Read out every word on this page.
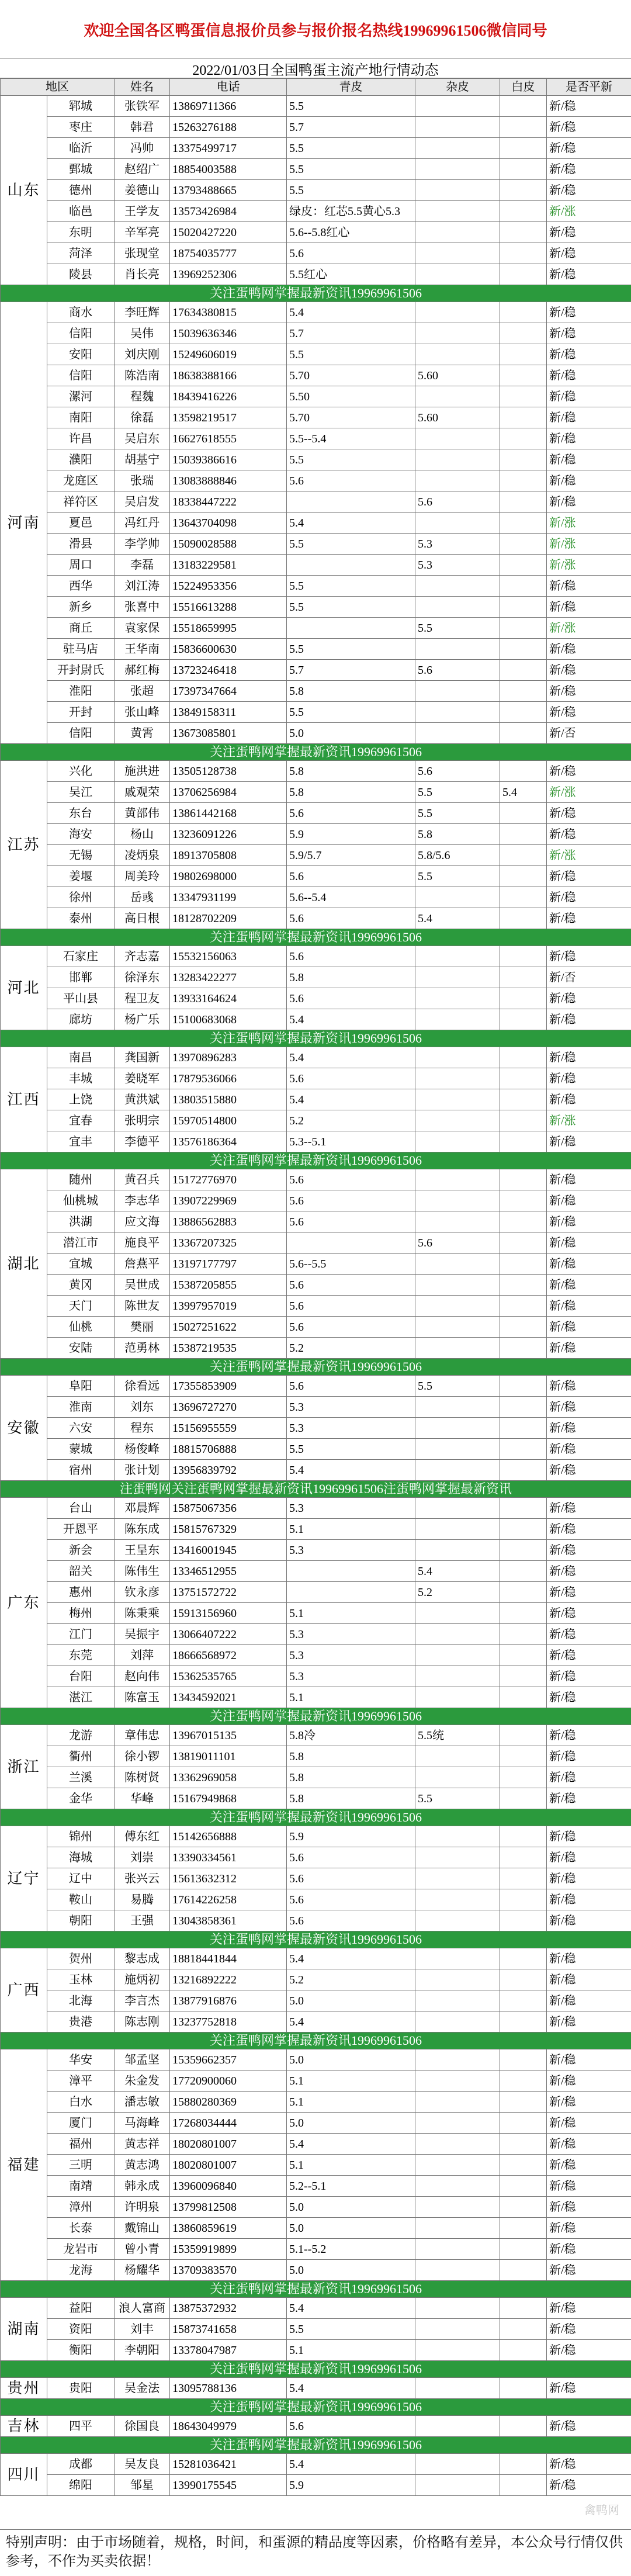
欢迎全国各区鸭蛋信息报价员参与报价报名热线19969961506微信同号
2022/01/03日全国鸭蛋主流产地行情动态
地区		姓名	电话	青皮	杂皮	白皮	是否平新
山东	郓城	张铁军	13869711366	5.5			新/稳
	枣庄	韩君	15263276188	5.7			新/稳
	临沂	冯帅	13375499717	5.5			新/稳
	鄄城	赵绍广	18854003588	5.5			新/稳
	德州	姜德山	13793488665	5.5			新/稳
	临邑	王学友	13573426984	绿皮：红芯5.5黄心5.3			新/涨
	东明	辛军亮	15020427220	5.6--5.8红心			新/稳
	菏泽	张现堂	18754035777	5.6			新/稳
	陵县	肖长亮	13969252306	5.5红心			新/稳
关注蛋鸭网掌握最新资讯19969961506							
河南	商水	李旺辉	17634380815	5.4			新/稳
	信阳	吴伟	15039636346	5.7			新/稳
	安阳	刘庆刚	15249606019	5.5			新/稳
	信阳	陈浩南	18638388166	5.70	5.60		新/稳
	漯河	程魏	18439416226	5.50			新/稳
	南阳	徐磊	13598219517	5.70	5.60		新/稳
	许昌	吴启东	16627618555	5.5--5.4			新/稳
	濮阳	胡基宁	15039386616	5.5			新/稳
	龙庭区	张瑞	13083888846	5.6			新/稳
	祥符区	吴启发	18338447222		5.6		新/稳
	夏邑	冯红丹	13643704098	5.4			新/涨
	滑县	李学帅	15090028588	5.5	5.3		新/涨
	周口	李磊	13183229581		5.3		新/涨
	西华	刘江涛	15224953356	5.5			新/稳
	新乡	张喜中	15516613288	5.5			新/稳
	商丘	袁家保	15518659995		5.5		新/涨
	驻马店	王华南	15836600630	5.5			新/稳
	开封尉氏	郝红梅	13723246418	5.7	5.6		新/稳
	淮阳	张超	17397347664	5.8			新/稳
	开封	张山峰	13849158311	5.5			新/稳
	信阳	黄霄	13673085801	5.0			新/否
关注蛋鸭网掌握最新资讯19969961506							
江苏	兴化	施洪进	13505128738	5.8	5.6		新/稳
	吴江	戚观荣	13706256984	5.8	5.5	5.4	新/涨
	东台	黄部伟	13861442168	5.6	5.5		新/稳
	海安	杨山	13236091226	5.9	5.8		新/稳
	无锡	凌炳泉	18913705808	5.9/5.7	5.8/5.6		新/涨
	姜堰	周美玲	19802698000	5.6	5.5		新/稳
	徐州	岳彧	13347931199	5.6--5.4			新/稳
	泰州	高日根	18128702209	5.6	5.4		新/稳
关注蛋鸭网掌握最新资讯19969961506							
河北	石家庄	齐志嘉	15532156063	5.6			新/稳
	邯郸	徐泽东	13283422277	5.8			新/否
	平山县	程卫友	13933164624	5.6			新/稳
	廊坊	杨广乐	15100683068	5.4			新/稳
关注蛋鸭网掌握最新资讯19969961506							
江西	南昌	龚国新	13970896283	5.4			新/稳
	丰城	姜晓军	17879536066	5.6			新/稳
	上饶	黄洪斌	13803515880	5.4			新/稳
	宜春	张明宗	15970514800	5.2			新/涨
	宜丰	李德平	13576186364	5.3--5.1			新/稳
关注蛋鸭网掌握最新资讯19969961506							
湖北	随州	黄召兵	15172776970	5.6			新/稳
	仙桃城	李志华	13907229969	5.6			新/稳
	洪湖	应文海	13886562883	5.6			新/稳
	潜江市	施良平	13367207325		5.6		新/稳
	宜城	詹燕平	13197177797	5.6--5.5			新/稳
	黄冈	吴世成	15387205855	5.6			新/稳
	天门	陈世友	13997957019	5.6			新/稳
	仙桃	樊丽	15027251622	5.6			新/稳
	安陆	范勇林	15387219535	5.2			新/稳
关注蛋鸭网掌握最新资讯19969961506							
安徽	阜阳	徐看远	17355853909	5.6	5.5		新/稳
	淮南	刘东	13696727270	5.3			新/稳
	六安	程东	15156955559	5.3			新/稳
	蒙城	杨俊峰	18815706888	5.5			新/稳
	宿州	张计划	13956839792	5.4			新/稳
注蛋鸭网关注蛋鸭网掌握最新资讯19969961506注蛋鸭网掌握最新资讯							
广东	台山	邓晨辉	15875067356	5.3			新/稳
	开恩平	陈东成	15815767329	5.1			新/稳
	新会	王呈东	13416001945	5.3			新/稳
	韶关	陈伟生	13346512955		5.4		新/稳
	惠州	钦永彦	13751572722		5.2		新/稳
	梅州	陈秉乘	15913156960	5.1			新/稳
	江门	吴振宇	13066407222	5.3			新/稳
	东莞	刘萍	18666568972	5.3			新/稳
	台阳	赵向伟	15362535765	5.3			新/稳
	湛江	陈富玉	13434592021	5.1			新/稳
关注蛋鸭网掌握最新资讯19969961506							
浙江	龙游	章伟忠	13967015135	5.8冷	5.5统		新/稳
	衢州	徐小锣	13819011101	5.8			新/稳
	兰溪	陈树贤	13362969058	5.8			新/稳
	金华	华峰	15167949868	5.8	5.5		新/稳
关注蛋鸭网掌握最新资讯19969961506							
辽宁	锦州	傅东红	15142656888	5.9			新/稳
	海城	刘崇	13390334561	5.6			新/稳
	辽中	张兴云	15613632312	5.6			新/稳
	鞍山	易腾	17614226258	5.6			新/稳
	朝阳	王强	13043858361	5.6			新/稳
关注蛋鸭网掌握最新资讯19969961506							
广西	贺州	黎志成	18818441844	5.4			新/稳
	玉林	施炳初	13216892222	5.2			新/稳
	北海	李言杰	13877916876	5.0			新/稳
	贵港	陈志刚	13237752818	5.4			新/稳
关注蛋鸭网掌握最新资讯19969961506							
福建	华安	邹孟坚	15359662357	5.0			新/稳
	漳平	朱金发	17720900060	5.1			新/稳
	白水	潘志敏	15880280369	5.1			新/稳
	厦门	马海峰	17268034444	5.0			新/稳
	福州	黄志祥	18020801007	5.4			新/稳
	三明	黄志鸿	18020801007	5.1			新/稳
	南靖	韩永成	13960096840	5.2--5.1			新/稳
	漳州	许明泉	13799812508	5.0			新/稳
	长泰	戴锦山	13860859619	5.0			新/稳
	龙岩市	曾小青	15359919899	5.1--5.2			新/稳
	龙海	杨耀华	13709383570	5.0			新/稳
关注蛋鸭网掌握最新资讯19969961506							
湖南	益阳	浪人富商	13875372932	5.4			新/稳
	资阳	刘丰	15873741658	5.5			新/稳
	衡阳	李朝阳	13378047987	5.1			新/稳
关注蛋鸭网掌握最新资讯19969961506							
贵州	贵阳	吴金法	13095788136	5.4			新/稳
关注蛋鸭网掌握最新资讯19969961506							
吉林	四平	徐国良	18643049979	5.6			新/稳
关注蛋鸭网掌握最新资讯19969961506							
四川	成都	吴友良	15281036421	5.4			新/稳
	绵阳	邹星	13990175545	5.9			新/稳
特别声明：由于市场随着，规格，时间，和蛋源的精品度等因素，价格略有差异，本公众号行情仅供参考，不作为买卖依据！
禽鸭网
